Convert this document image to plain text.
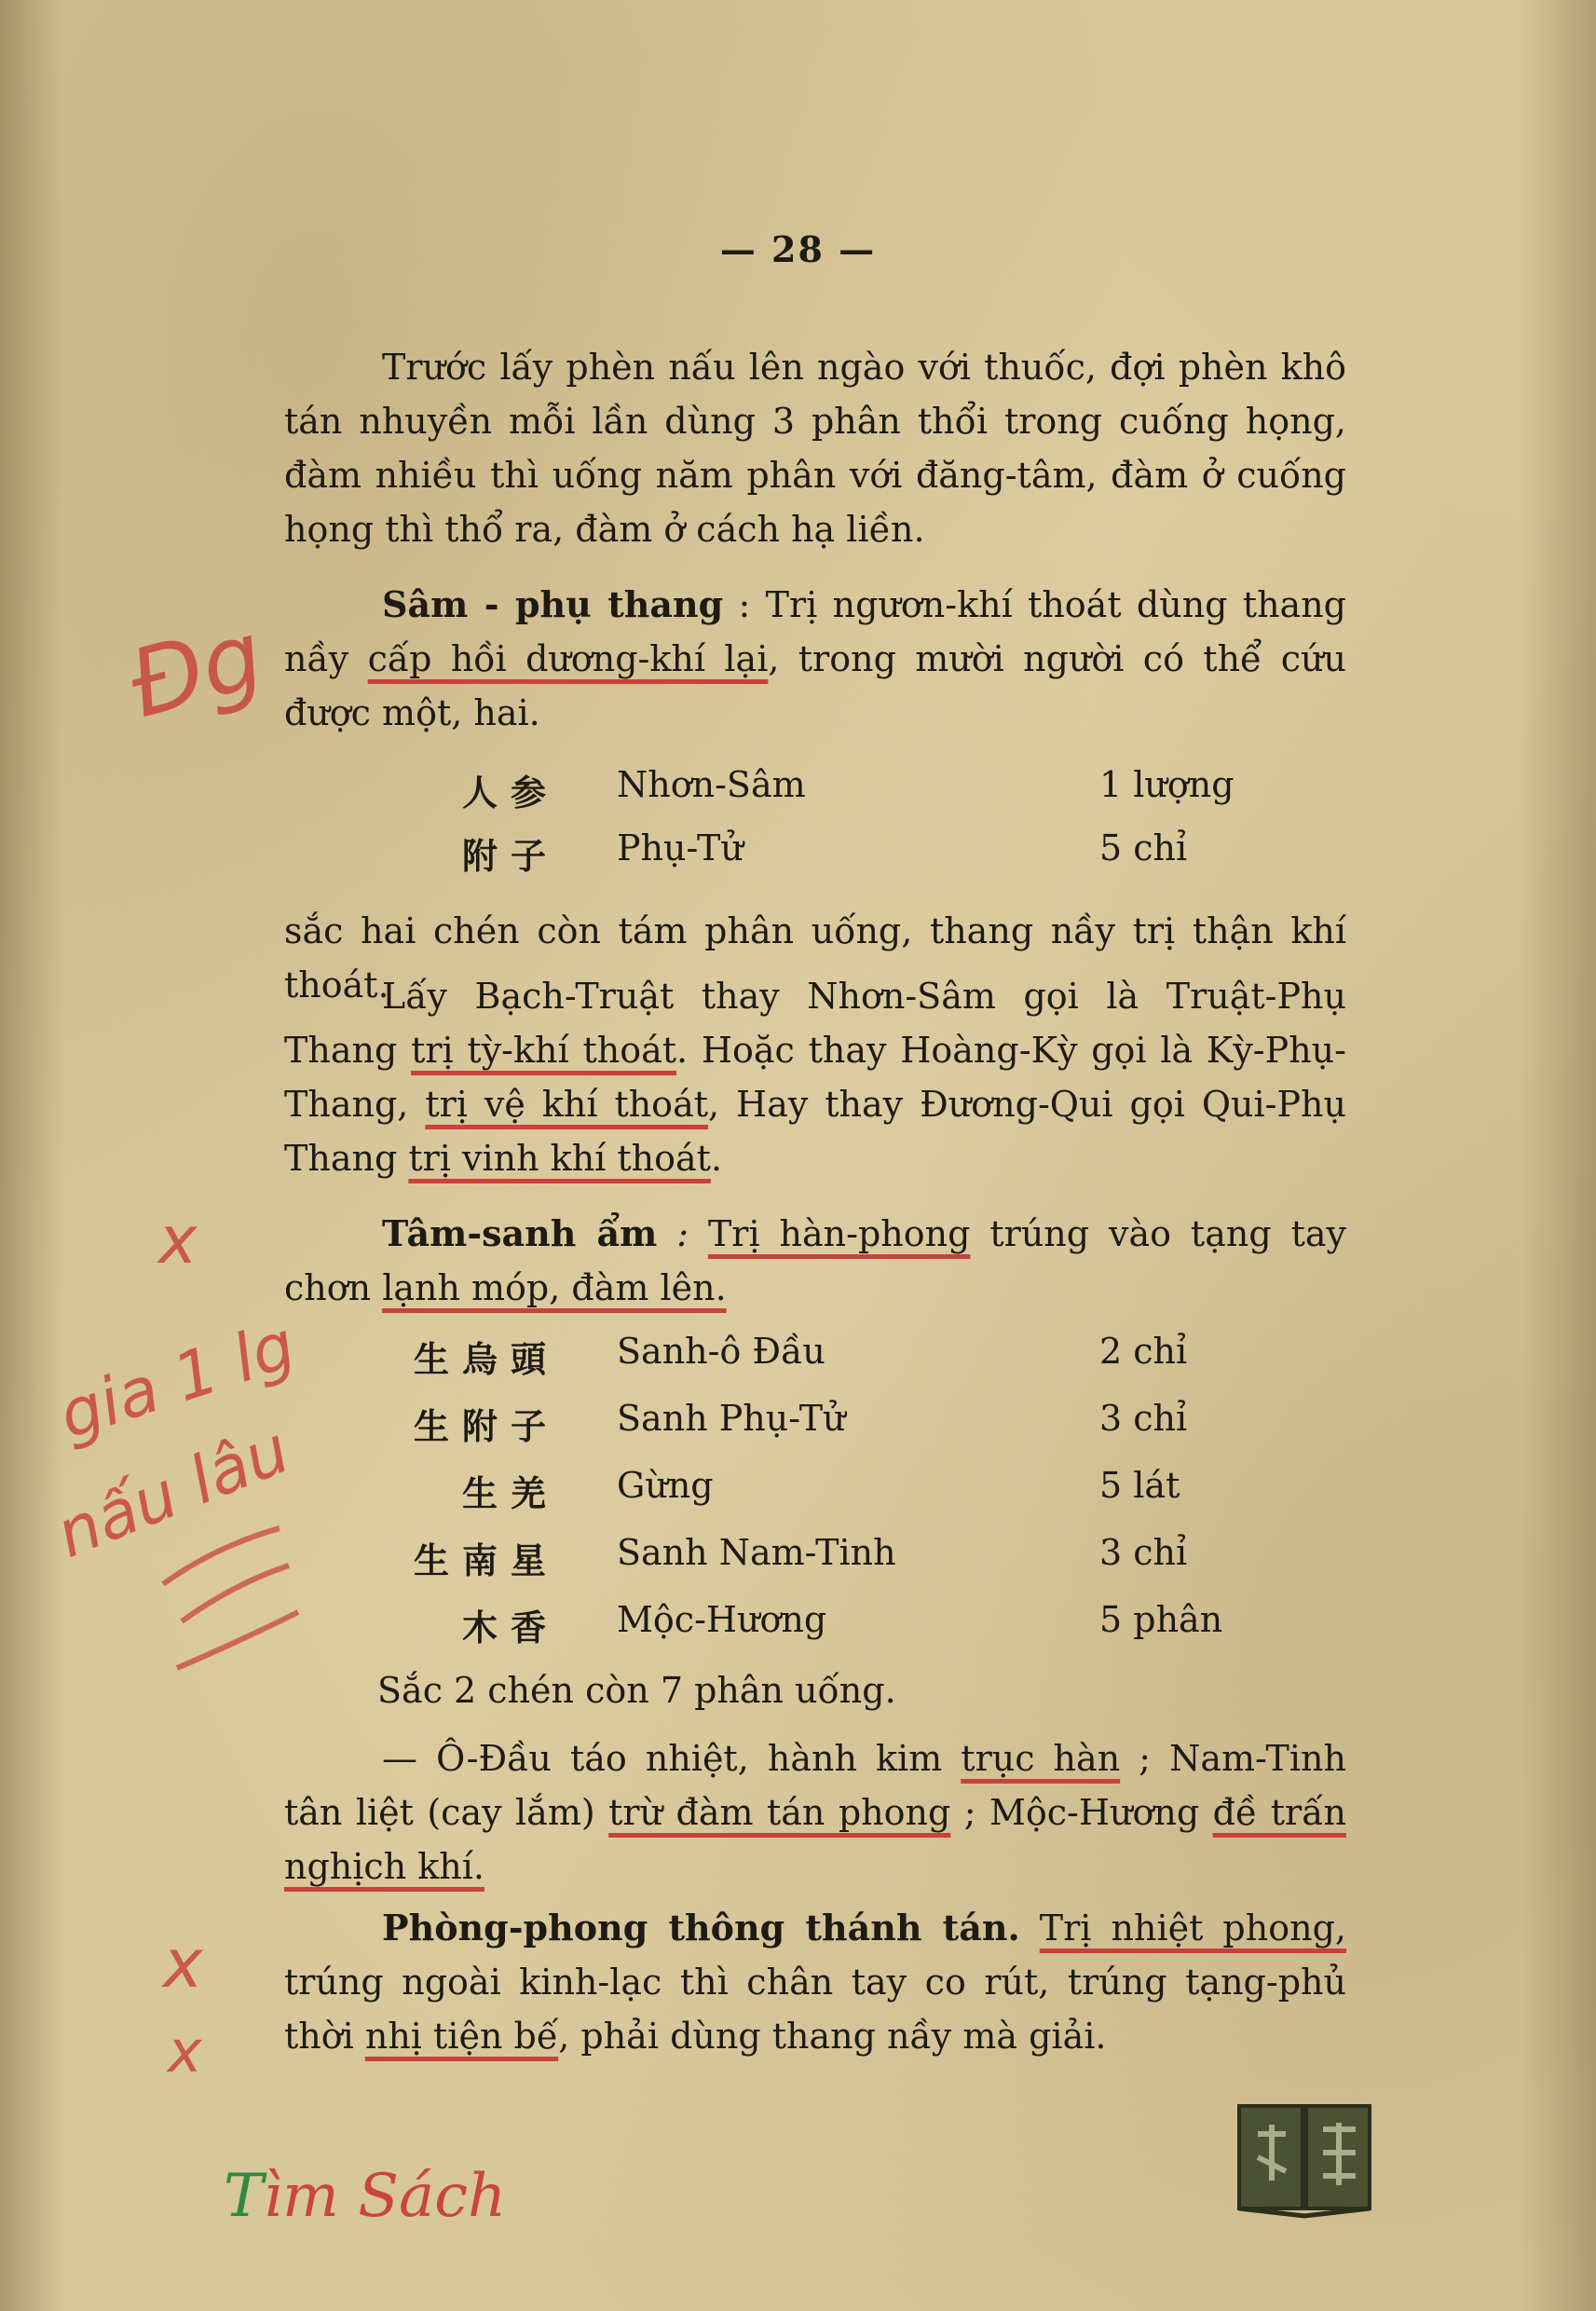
— 28 —
Trước lấy phèn nấu lên ngào với thuốc, đợi phèn khô tán nhuyền mỗi lần dùng 3 phân thổi trong cuống họng, đàm nhiều thì uống năm phân với đăng-tâm, đàm ở cuống họng thì thổ ra, đàm ở cách hạ liền.
Sâm - phụ thang : Trị ngươn-khí thoát dùng thang nầy cấp hồi dương-khí lại, trong mười người có thể cứu được một, hai.
人参 Nhơn-Sâm	1 lượng
附子 Phụ-Tử	5 chỉ
sắc hai chén còn tám phân uống, thang nầy trị thận khí thoát.
Lấy Bạch-Truật thay Nhơn-Sâm gọi là Truật-Phụ Thang trị tỳ-khí thoát. Hoặc thay Hoàng-Kỳ gọi là Kỳ-Phụ-Thang, trị vệ khí thoát, Hay thay Đương-Qui gọi Qui-Phụ Thang trị vinh khí thoát.
Tâm-sanh ẩm : Trị hàn-phong trúng vào tạng tay chơn lạnh móp, đàm lên.
生烏頭 Sanh-ô Đầu	2 chỉ
生附子 Sanh Phụ-Tử	3 chỉ
生羌 Gừng	5 lát
生南星 Sanh Nam-Tinh	3 chỉ
木香 Mộc-Hương	5 phân
Sắc 2 chén còn 7 phân uống.
— Ô-Đầu táo nhiệt, hành kim trục hàn ; Nam-Tinh tân liệt (cay lắm) trừ đàm tán phong ; Mộc-Hương đề trấn nghịch khí.
Phòng-phong thông thánh tán. Trị nhiệt phong, trúng ngoài kinh-lạc thì chân tay co rút, trúng tạng-phủ thời nhị tiện bế, phải dùng thang nầy mà giải.
Đg
x
gia 1 lg
nấu lâu
x
x
Tìm Sách
